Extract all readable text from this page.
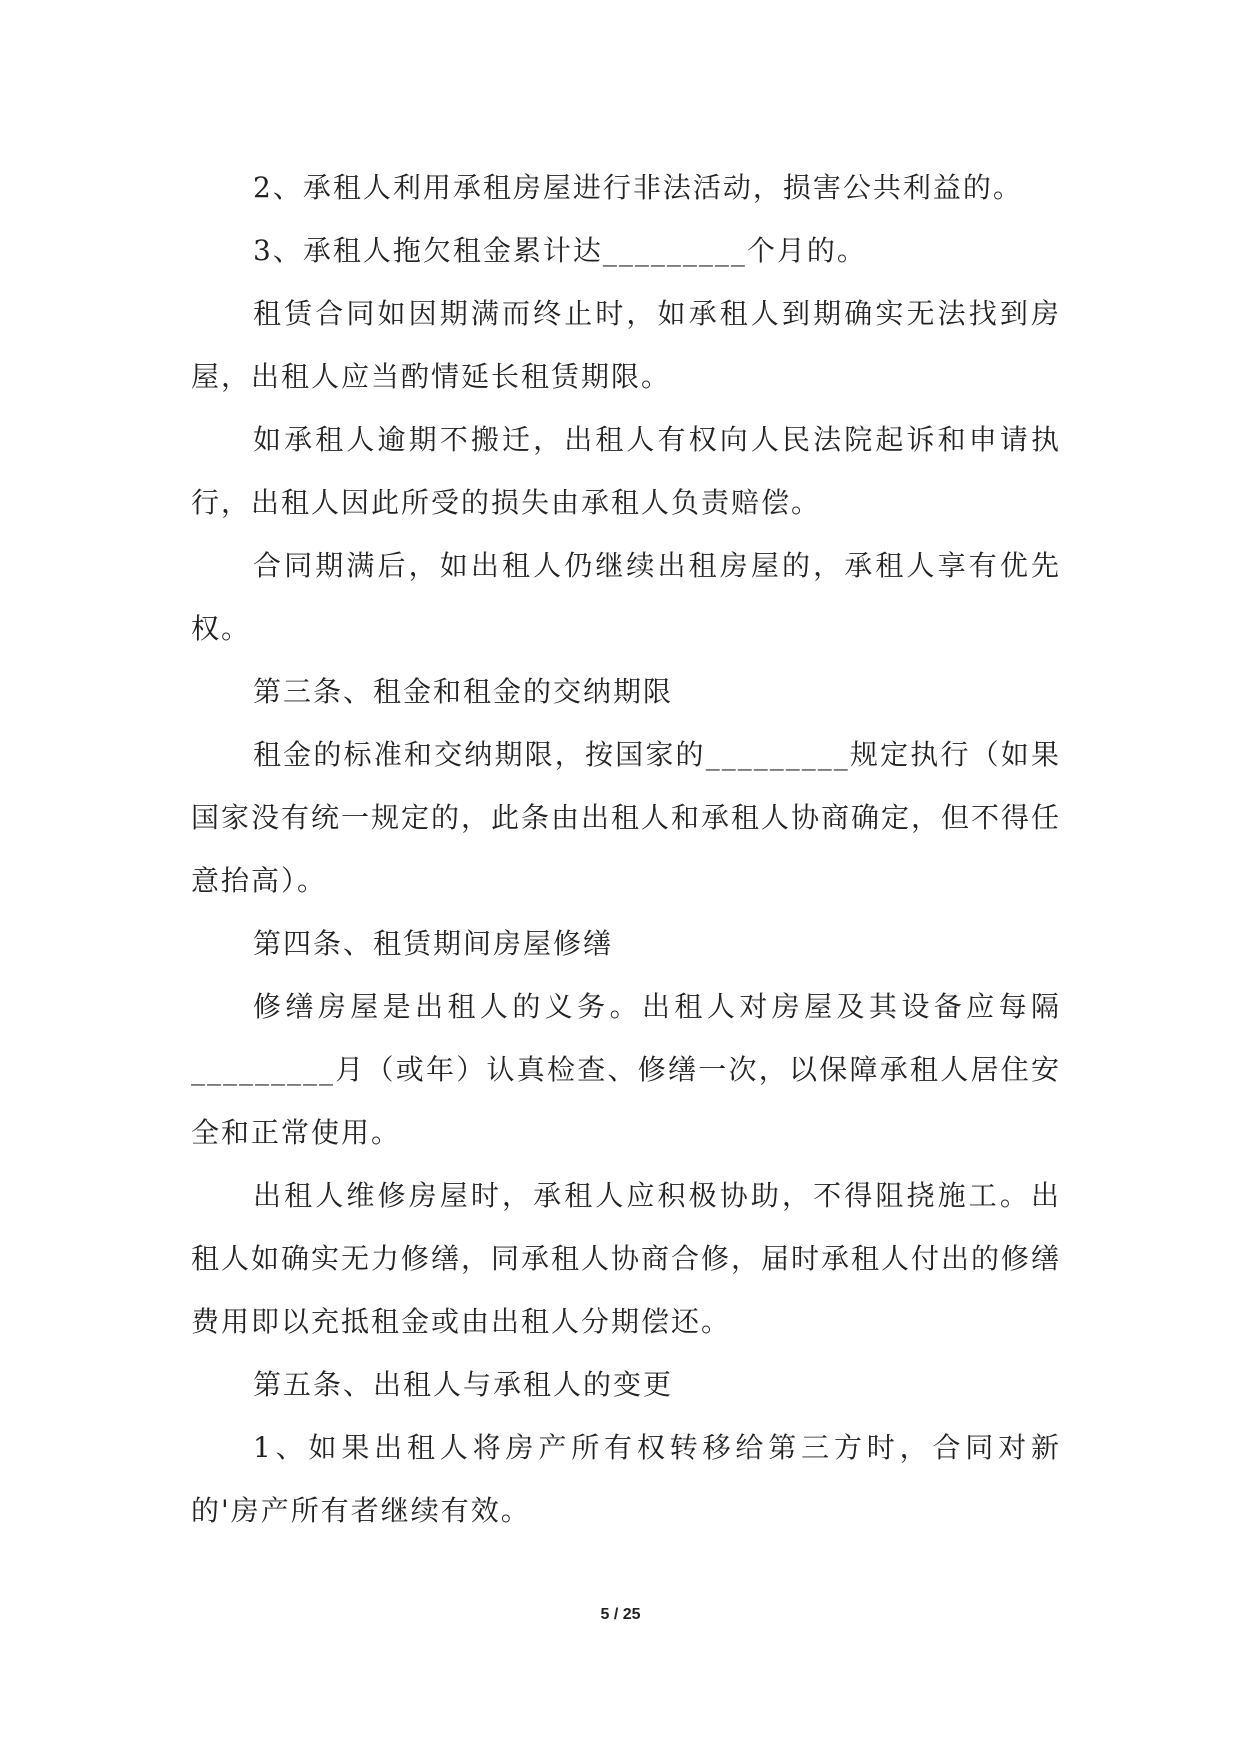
2、承租人利用承租房屋进行非法活动，损害公共利益的。

3、承租人拖欠租金累计达_________个月的。

租赁合同如因期满而终止时，如承租人到期确实无法找到房屋，出租人应当酌情延长租赁期限。

如承租人逾期不搬迁，出租人有权向人民法院起诉和申请执行，出租人因此所受的损失由承租人负责赔偿。

合同期满后，如出租人仍继续出租房屋的，承租人享有优先权。

第三条、租金和租金的交纳期限

租金的标准和交纳期限，按国家的_________规定执行（如果国家没有统一规定的，此条由出租人和承租人协商确定，但不得任意抬高）。

第四条、租赁期间房屋修缮

修缮房屋是出租人的义务。出租人对房屋及其设备应每隔_________月（或年）认真检查、修缮一次，以保障承租人居住安全和正常使用。

出租人维修房屋时，承租人应积极协助，不得阻挠施工。出租人如确实无力修缮，同承租人协商合修，届时承租人付出的修缮费用即以充抵租金或由出租人分期偿还。

第五条、出租人与承租人的变更

1、如果出租人将房产所有权转移给第三方时，合同对新的'房产所有者继续有效。

5 / 25
